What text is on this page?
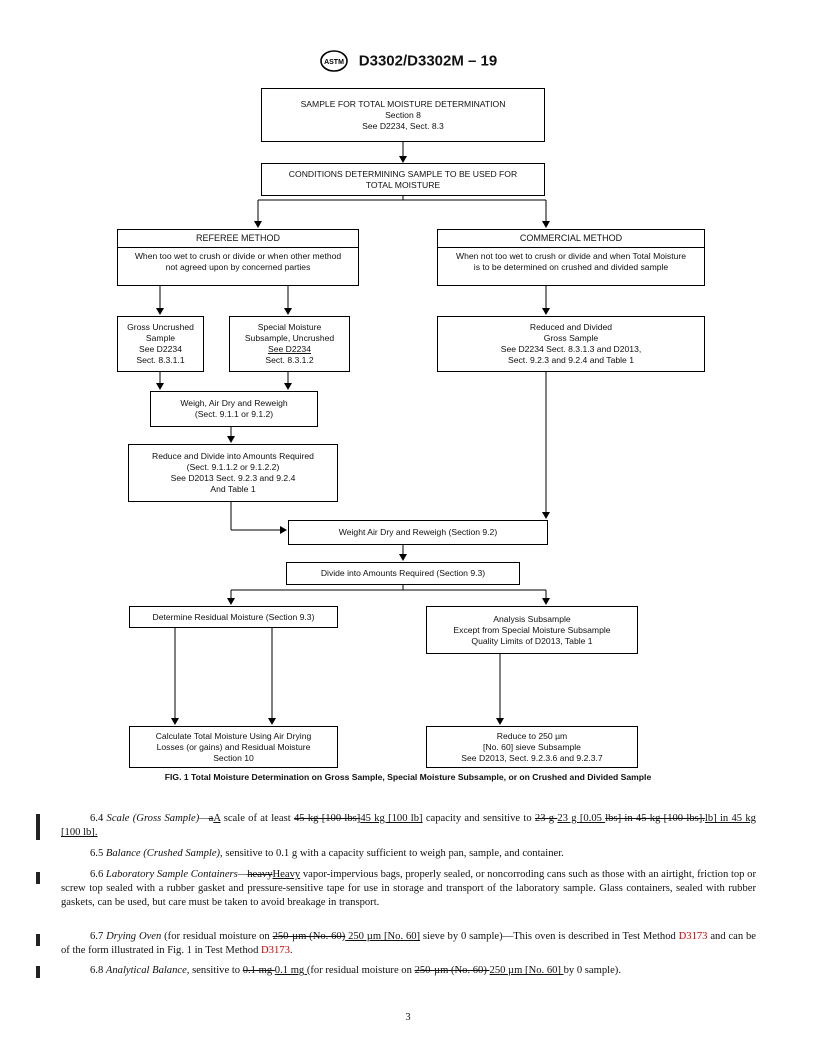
ASTM D3302/D3302M – 19
SAMPLE FOR TOTAL MOISTURE DETERMINATION
Section 8
See D2234, Sect. 8.3
CONDITIONS DETERMINING SAMPLE TO BE USED FOR
TOTAL MOISTURE
REFEREE METHOD
When too wet to crush or divide or when other method
not agreed upon by concerned parties
COMMERCIAL METHOD
When not too wet to crush or divide and when Total Moisture
is to be determined on crushed and divided sample
Gross Uncrushed
Sample
See D2234
Sect. 8.3.1.1
Special Moisture
Subsample, Uncrushed
See D2234
Sect. 8.3.1.2
Reduced and Divided
Gross Sample
See D2234 Sect. 8.3.1.3 and D2013,
Sect. 9.2.3 and 9.2.4 and Table 1
Weigh, Air Dry and Reweigh
(Sect. 9.1.1 or 9.1.2)
Reduce and Divide into Amounts Required
(Sect. 9.1.1.2 or 9.1.2.2)
See D2013 Sect. 9.2.3 and 9.2.4
And Table 1
Weight Air Dry and Reweigh (Section 9.2)
Divide into Amounts Required (Section 9.3)
Determine Residual Moisture (Section 9.3)	Analysis Subsample
Except from Special Moisture Subsample
Quality Limits of D2013, Table 1
Calculate Total Moisture Using Air Drying
Losses (or gains) and Residual Moisture
Section 10
Reduce to 250 µm
[No. 60] sieve Subsample
See D2013, Sect. 9.2.3.6 and 9.2.3.7
FIG. 1 Total Moisture Determination on Gross Sample, Special Moisture Subsample, or on Crushed and Divided Sample
6.4 Scale (Gross Sample)—aA scale of at least 45 kg [100 lbs]45 kg [100 lb] capacity and sensitive to 23 g 23 g [0.05 lbs] in 45 kg [100 lbs].lb] in 45 kg [100 lb].
6.5 Balance (Crushed Sample), sensitive to 0.1 g with a capacity sufficient to weigh pan, sample, and container.
6.6 Laboratory Sample Containers—heavyHeavy vapor-impervious bags, properly sealed, or noncorroding cans such as those with an airtight, friction top or screw top sealed with a rubber gasket and pressure-sensitive tape for use in storage and transport of the laboratory sample. Glass containers, sealed with rubber gaskets, can be used, but care must be taken to avoid breakage in transport.
6.7 Drying Oven (for residual moisture on 250-µm (No. 60) 250 µm [No. 60] sieve by 0 sample)—This oven is described in Test Method D3173 and can be of the form illustrated in Fig. 1 in Test Method D3173.
6.8 Analytical Balance, sensitive to 0.1 mg 0.1 mg (for residual moisture on 250-µm (No. 60) 250 µm [No. 60] by 0 sample).
3
